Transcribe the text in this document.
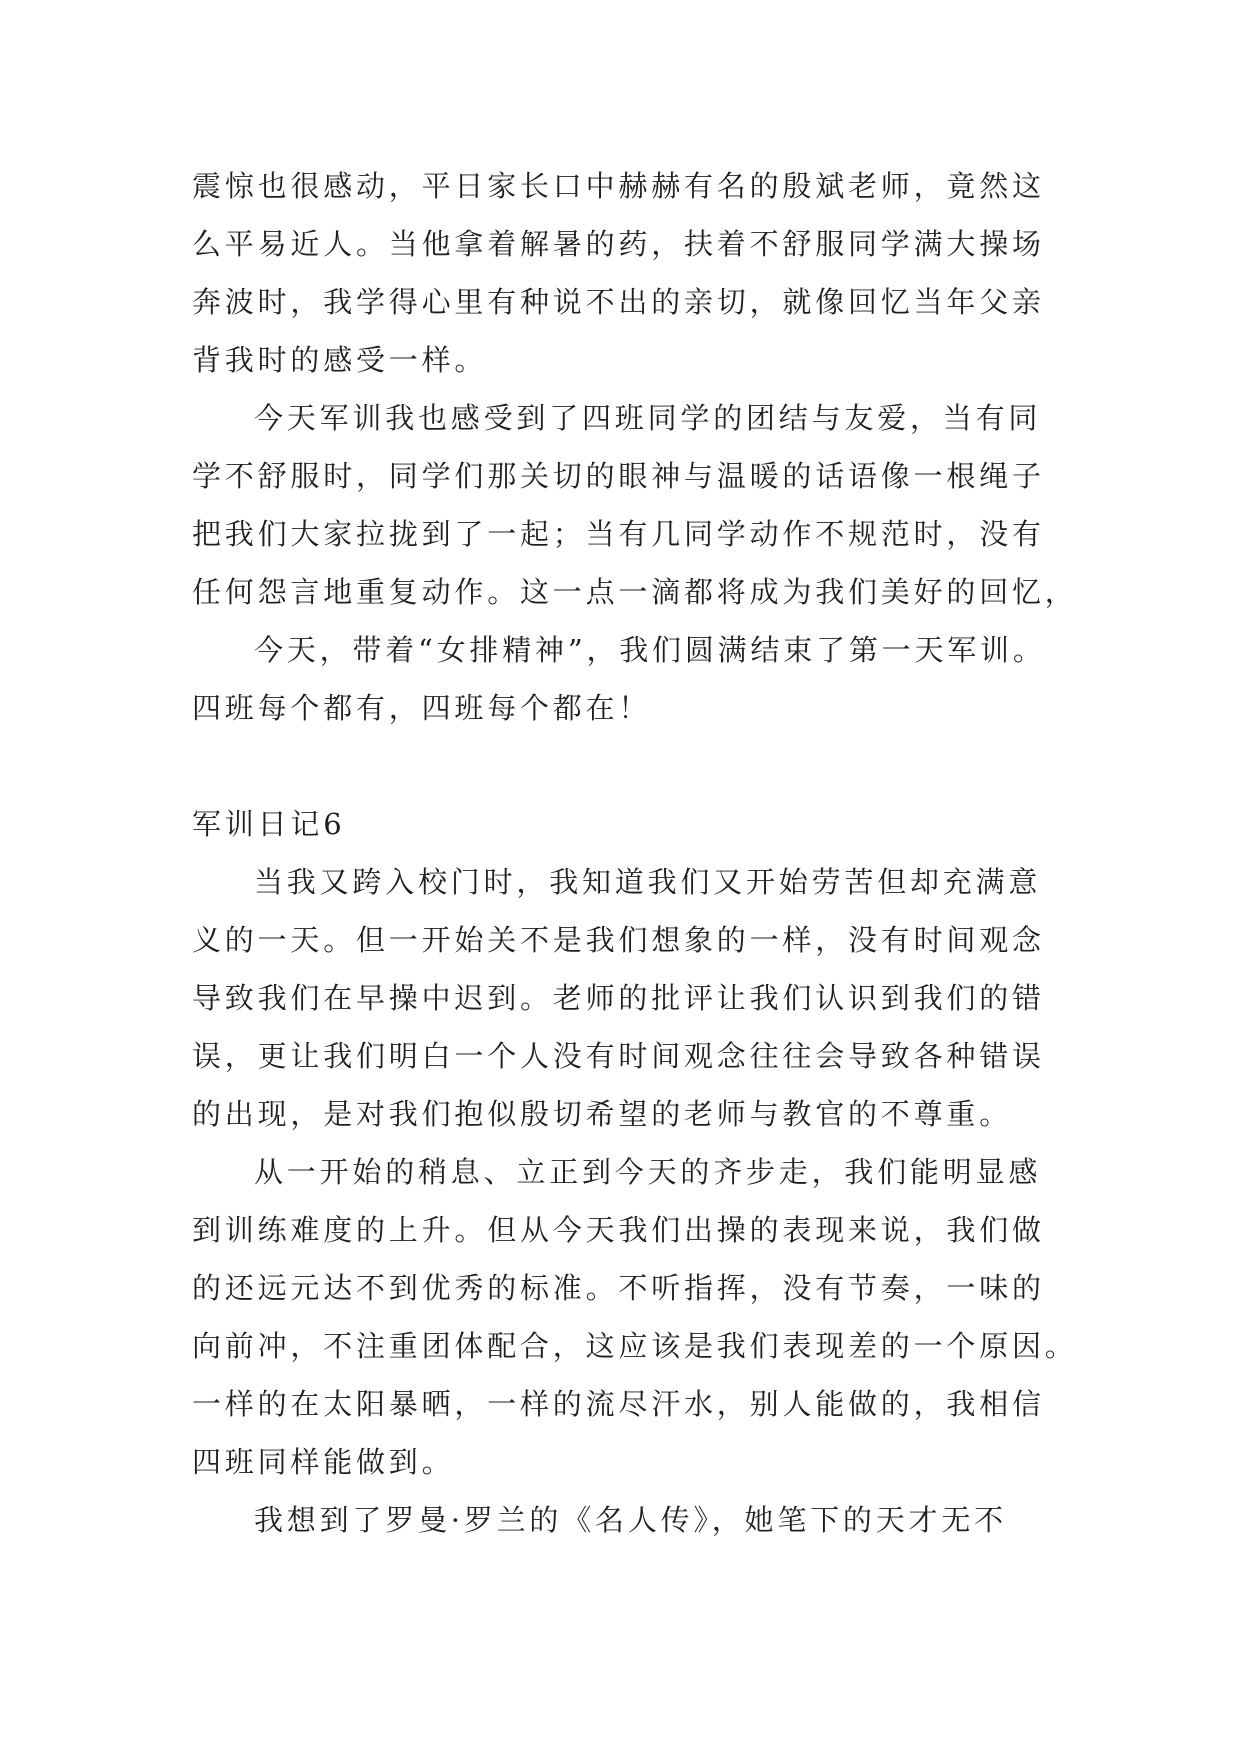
震惊也很感动，平日家长口中赫赫有名的殷斌老师，竟然这

么平易近人。当他拿着解暑的药，扶着不舒服同学满大操场

奔波时，我学得心里有种说不出的亲切，就像回忆当年父亲

背我时的感受一样。

今天军训我也感受到了四班同学的团结与友爱，当有同

学不舒服时，同学们那关切的眼神与温暖的话语像一根绳子

把我们大家拉拢到了一起；当有几同学动作不规范时，没有

任何怨言地重复动作。这一点一滴都将成为我们美好的回忆，

今天，带着“女排精神”，我们圆满结束了第一天军训。

四班每个都有，四班每个都在！

军训日记6

当我又跨入校门时，我知道我们又开始劳苦但却充满意

义的一天。但一开始关不是我们想象的一样，没有时间观念

导致我们在早操中迟到。老师的批评让我们认识到我们的错

误，更让我们明白一个人没有时间观念往往会导致各种错误

的出现，是对我们抱似殷切希望的老师与教官的不尊重。

从一开始的稍息、立正到今天的齐步走，我们能明显感

到训练难度的上升。但从今天我们出操的表现来说，我们做

的还远元达不到优秀的标准。不听指挥，没有节奏，一味的

向前冲，不注重团体配合，这应该是我们表现差的一个原因。

一样的在太阳暴晒，一样的流尽汗水，别人能做的，我相信

四班同样能做到。

我想到了罗曼·罗兰的《名人传》，她笔下的天才无不
